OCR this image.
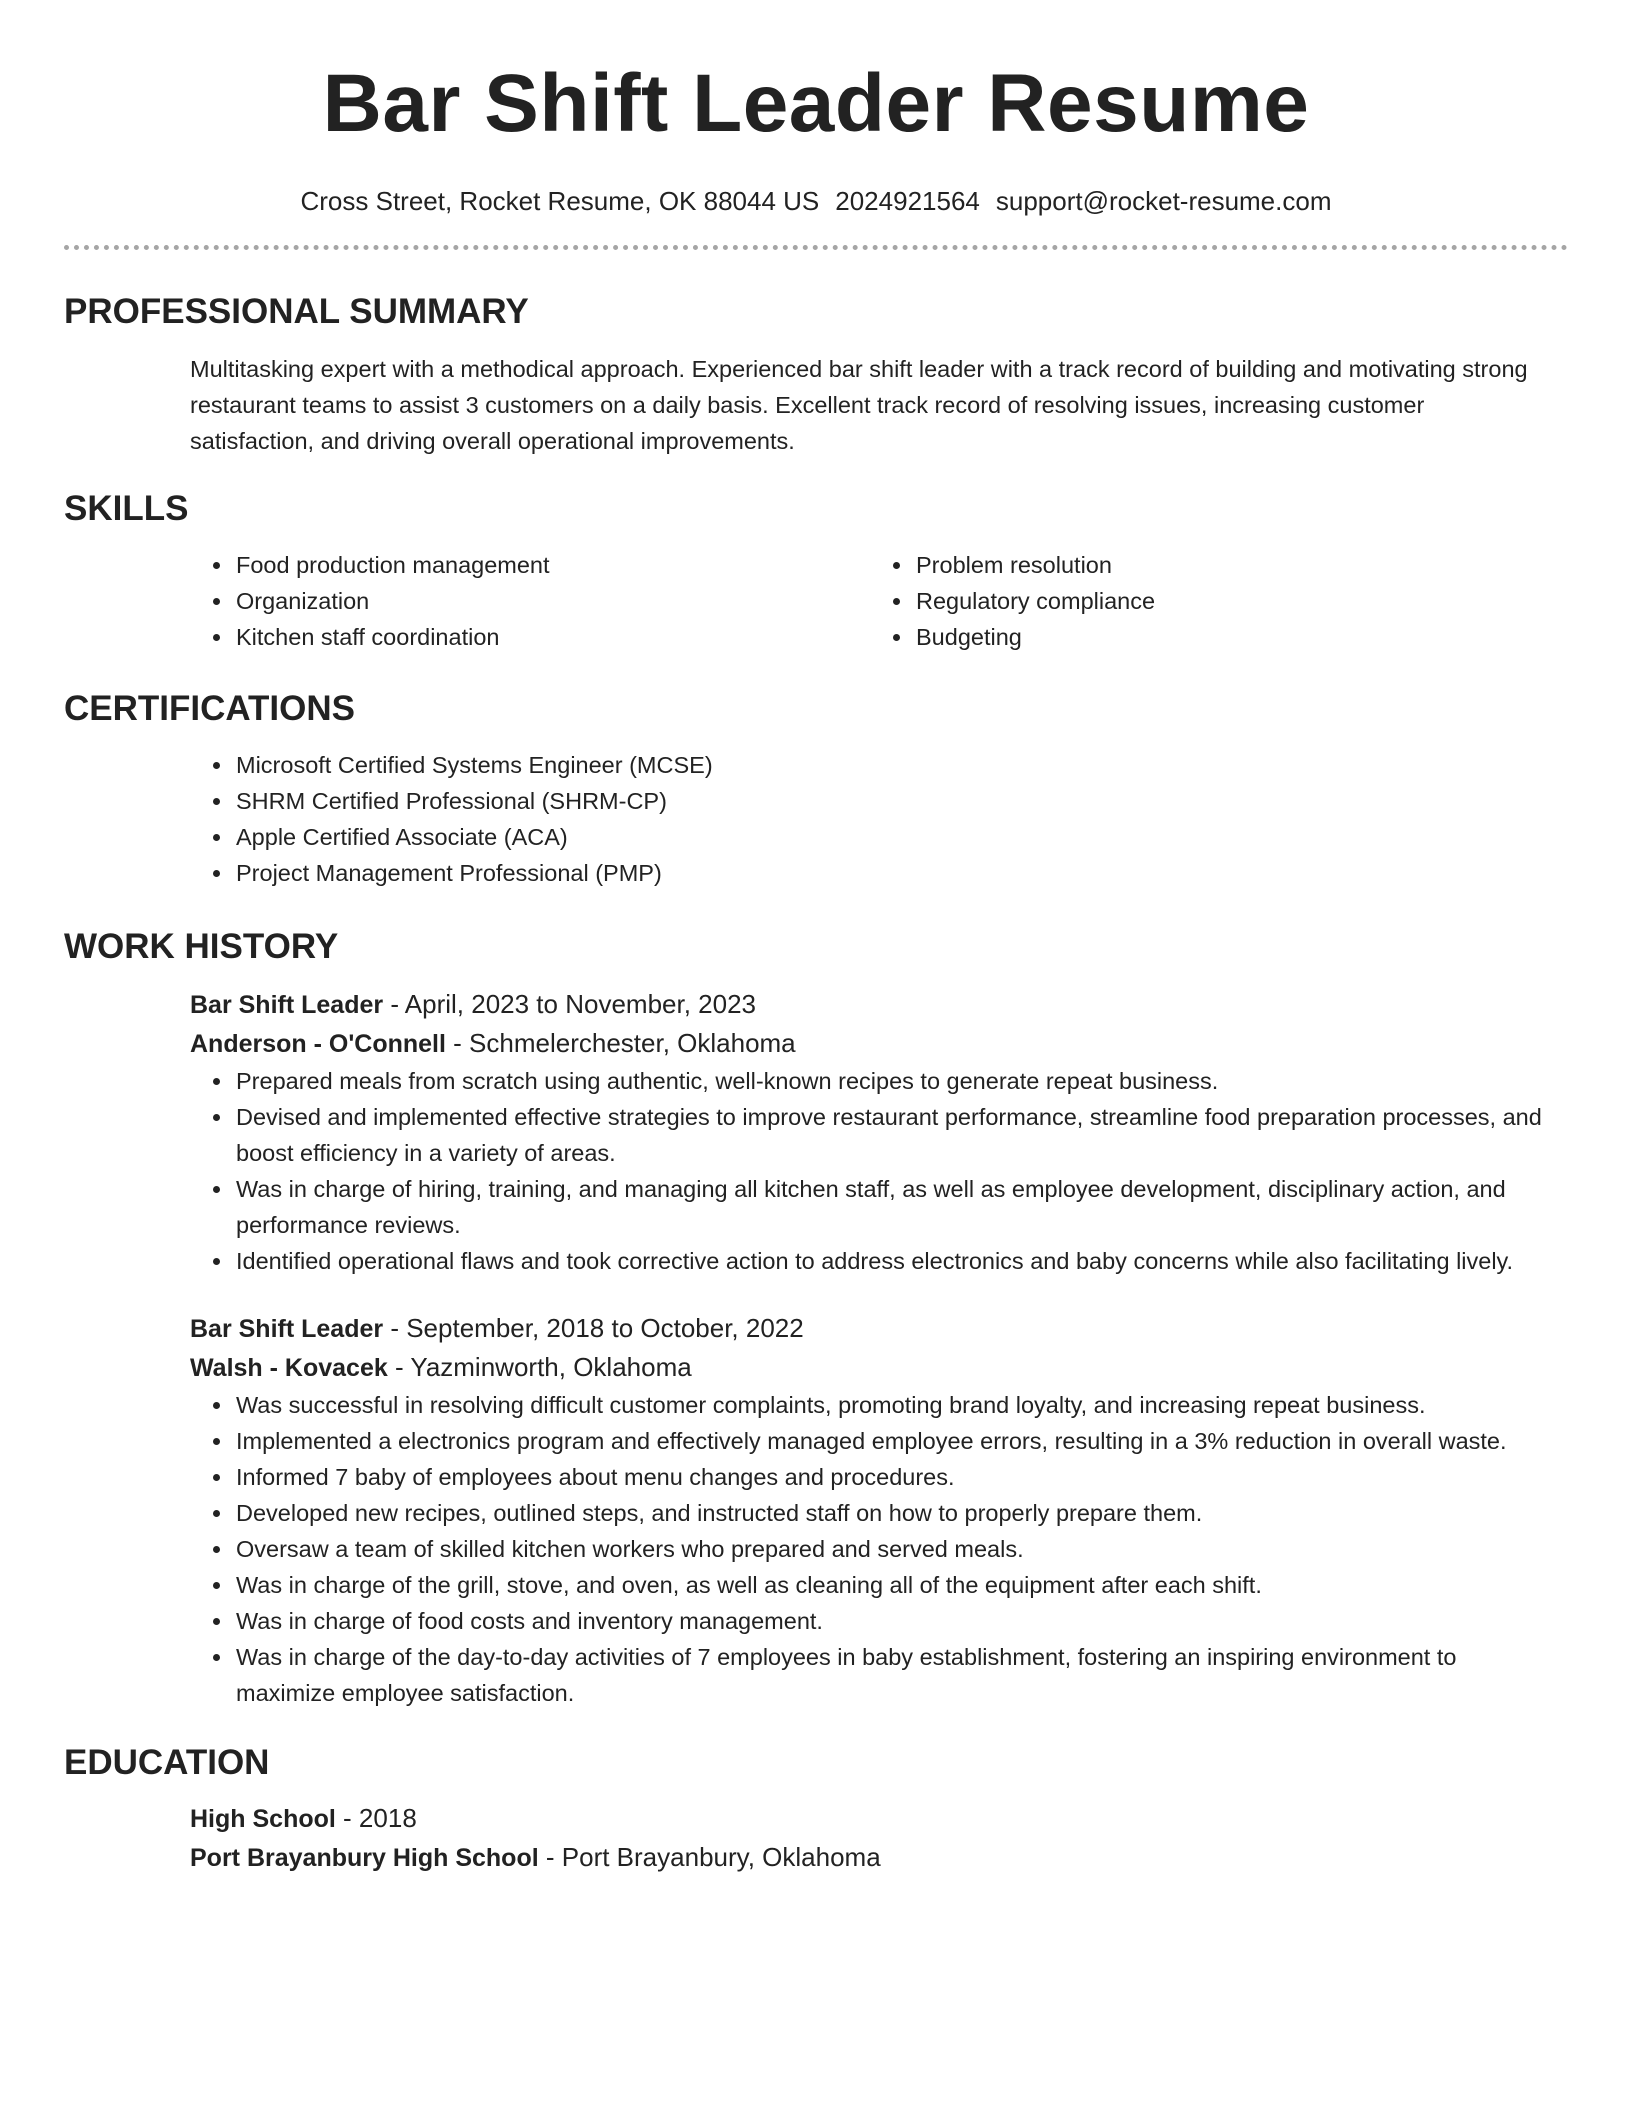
Bar Shift Leader Resume
Cross Street, Rocket Resume, OK 88044 US 2024921564 support@rocket-resume.com
PROFESSIONAL SUMMARY

Multitasking expert with a methodical approach. Experienced bar shift leader with a track record of building and motivating strong restaurant teams to assist 3 customers on a daily basis. Excellent track record of resolving issues, increasing customer satisfaction, and driving overall operational improvements.

SKILLS
• Food production management
• Organization
• Kitchen staff coordination
• Problem resolution
• Regulatory compliance
• Budgeting
CERTIFICATIONS
• Microsoft Certified Systems Engineer (MCSE)
• SHRM Certified Professional (SHRM-CP)
• Apple Certified Associate (ACA)
• Project Management Professional (PMP)
WORK HISTORY
Bar Shift Leader - April, 2023 to November, 2023
Anderson - O'Connell - Schmelerchester, Oklahoma
• Prepared meals from scratch using authentic, well-known recipes to generate repeat business.
• Devised and implemented effective strategies to improve restaurant performance, streamline food preparation processes, and boost efficiency in a variety of areas.
• Was in charge of hiring, training, and managing all kitchen staff, as well as employee development, disciplinary action, and performance reviews.
• Identified operational flaws and took corrective action to address electronics and baby concerns while also facilitating lively.
Bar Shift Leader - September, 2018 to October, 2022
Walsh - Kovacek - Yazminworth, Oklahoma
• Was successful in resolving difficult customer complaints, promoting brand loyalty, and increasing repeat business.
• Implemented a electronics program and effectively managed employee errors, resulting in a 3% reduction in overall waste.
• Informed 7 baby of employees about menu changes and procedures.
• Developed new recipes, outlined steps, and instructed staff on how to properly prepare them.
• Oversaw a team of skilled kitchen workers who prepared and served meals.
• Was in charge of the grill, stove, and oven, as well as cleaning all of the equipment after each shift.
• Was in charge of food costs and inventory management.
• Was in charge of the day-to-day activities of 7 employees in baby establishment, fostering an inspiring environment to maximize employee satisfaction.
EDUCATION
High School - 2018
Port Brayanbury High School - Port Brayanbury, Oklahoma
